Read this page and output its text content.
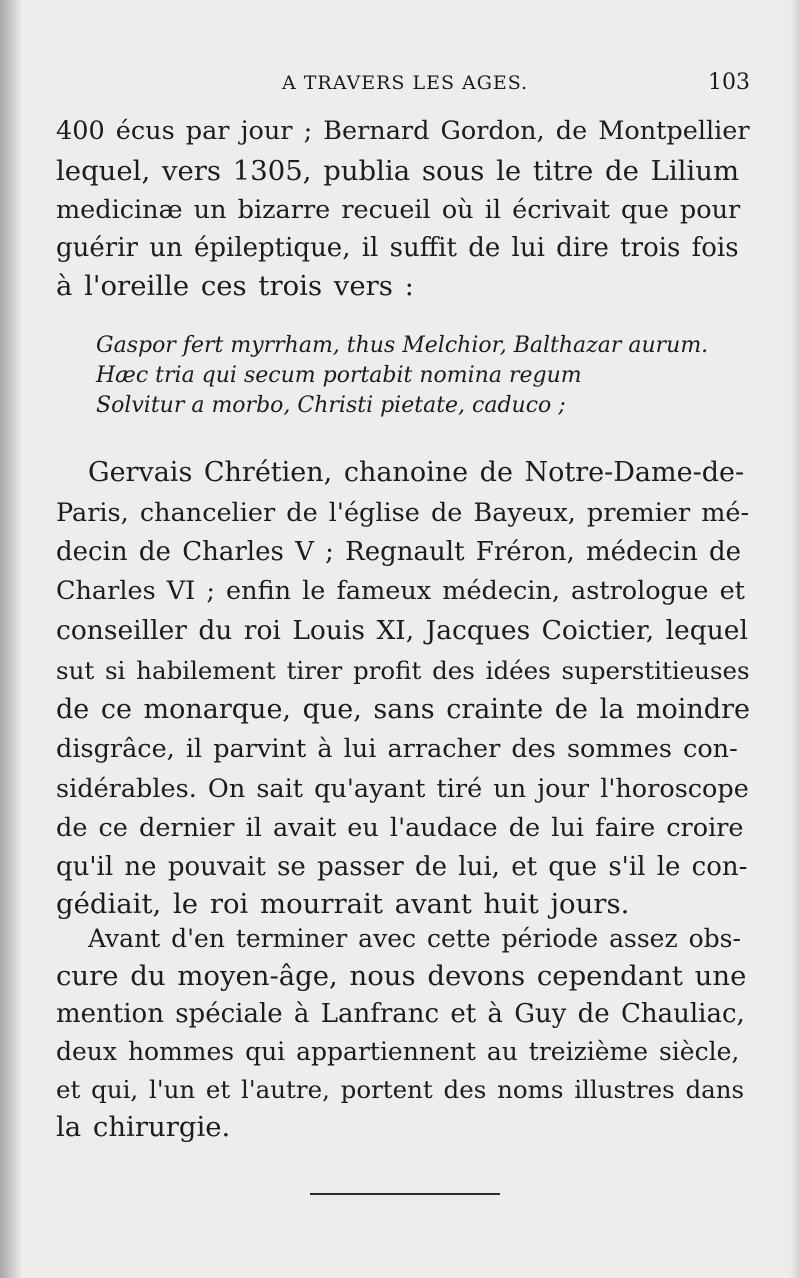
A TRAVERS LES AGES.	103
400 écus par jour ; Bernard Gordon, de Montpellier
lequel, vers 1305, publia sous le titre de Lilium
medicinæ un bizarre recueil où il écrivait que pour
guérir un épileptique, il suffit de lui dire trois fois
à l'oreille ces trois vers :
Gaspor fert myrrham, thus Melchior, Balthazar aurum.
Hæc tria qui secum portabit nomina regum
Solvitur a morbo, Christi pietate, caduco ;
Gervais Chrétien, chanoine de Notre-Dame-de-
Paris, chancelier de l'église de Bayeux, premier mé-
decin de Charles V ; Regnault Fréron, médecin de
Charles VI ; enfin le fameux médecin, astrologue et
conseiller du roi Louis XI, Jacques Coictier, lequel
sut si habilement tirer profit des idées superstitieuses
de ce monarque, que, sans crainte de la moindre
disgrâce, il parvint à lui arracher des sommes con-
sidérables. On sait qu'ayant tiré un jour l'horoscope
de ce dernier il avait eu l'audace de lui faire croire
qu'il ne pouvait se passer de lui, et que s'il le con-
gédiait, le roi mourrait avant huit jours.
Avant d'en terminer avec cette période assez obs-
cure du moyen-âge, nous devons cependant une
mention spéciale à Lanfranc et à Guy de Chauliac,
deux hommes qui appartiennent au treizième siècle,
et qui, l'un et l'autre, portent des noms illustres dans
la chirurgie.
